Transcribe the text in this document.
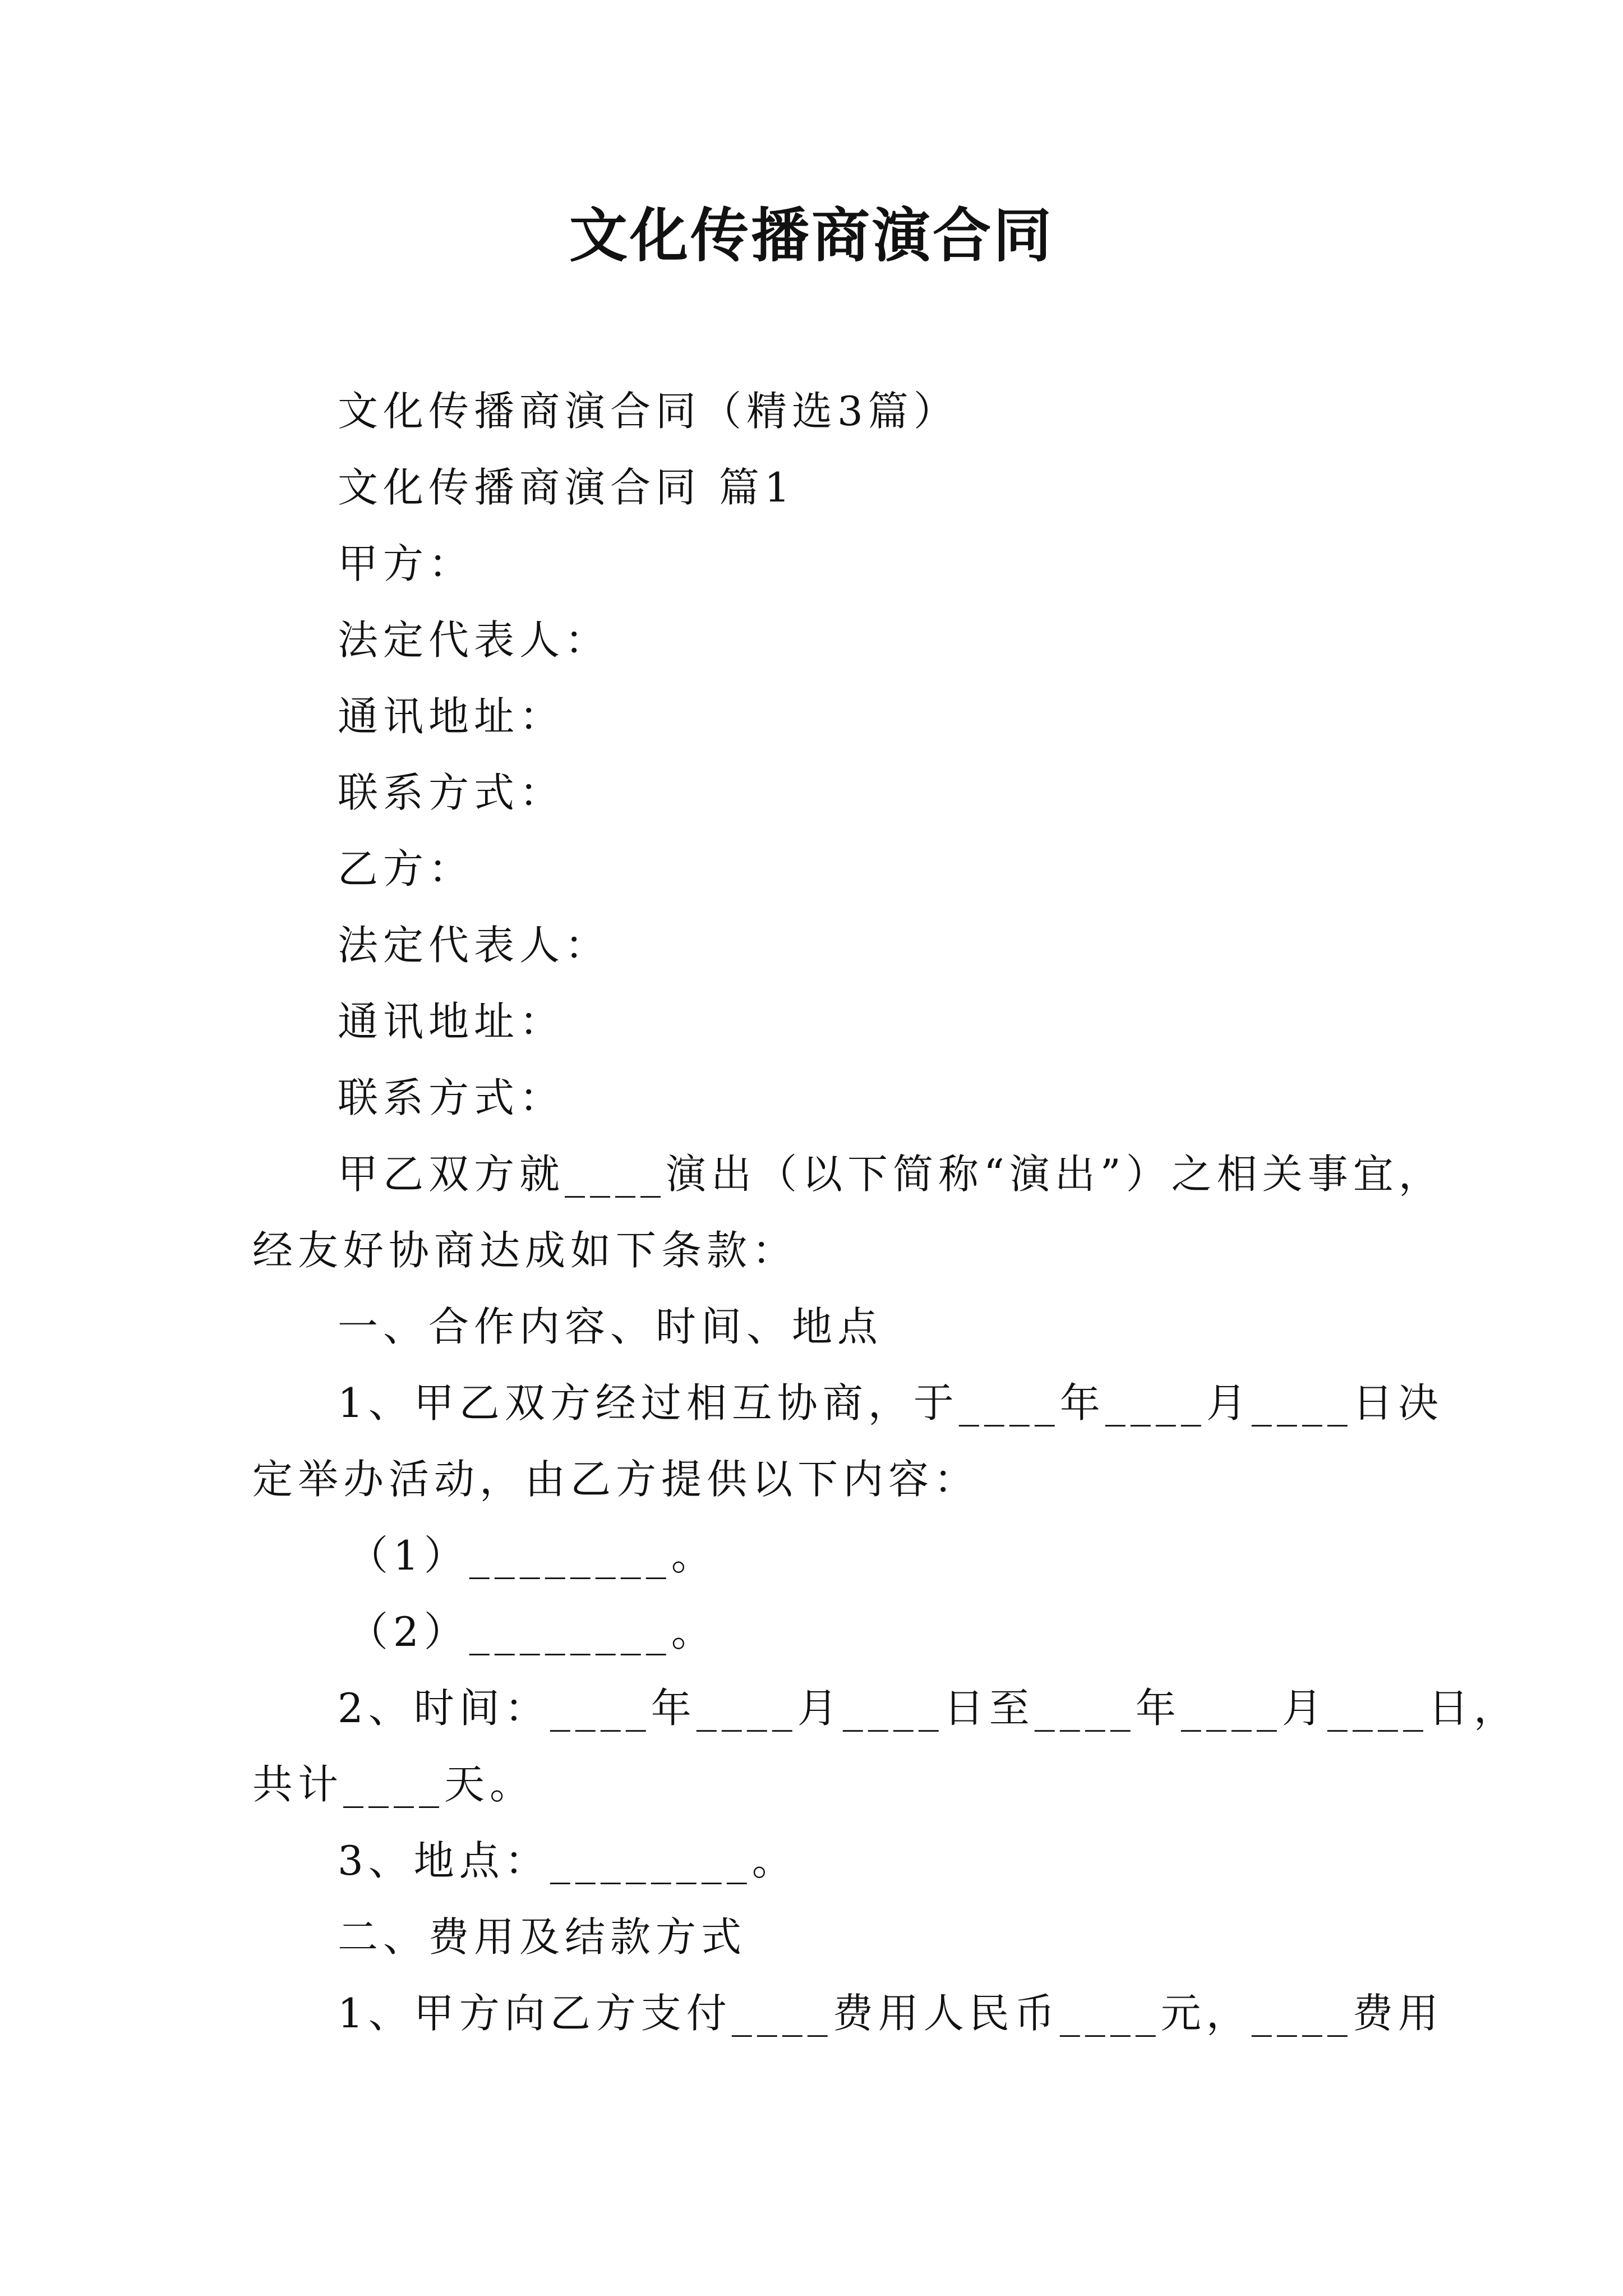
文化传播商演合同
文化传播商演合同（精选3篇）
文化传播商演合同 篇1
甲方：
法定代表人：
通讯地址：
联系方式：
乙方：
法定代表人：
通讯地址：
联系方式：
甲乙双方就____演出（以下简称“演出”）之相关事宜，
经友好协商达成如下条款：
一、合作内容、时间、地点
1、甲乙双方经过相互协商，于____年____月____日决
定举办活动，由乙方提供以下内容：
（1）________。
（2）________。
2、时间：____年____月____日至____年____月____日，
共计____天。
3、地点：________。
二、费用及结款方式
1、甲方向乙方支付____费用人民币____元，____费用
